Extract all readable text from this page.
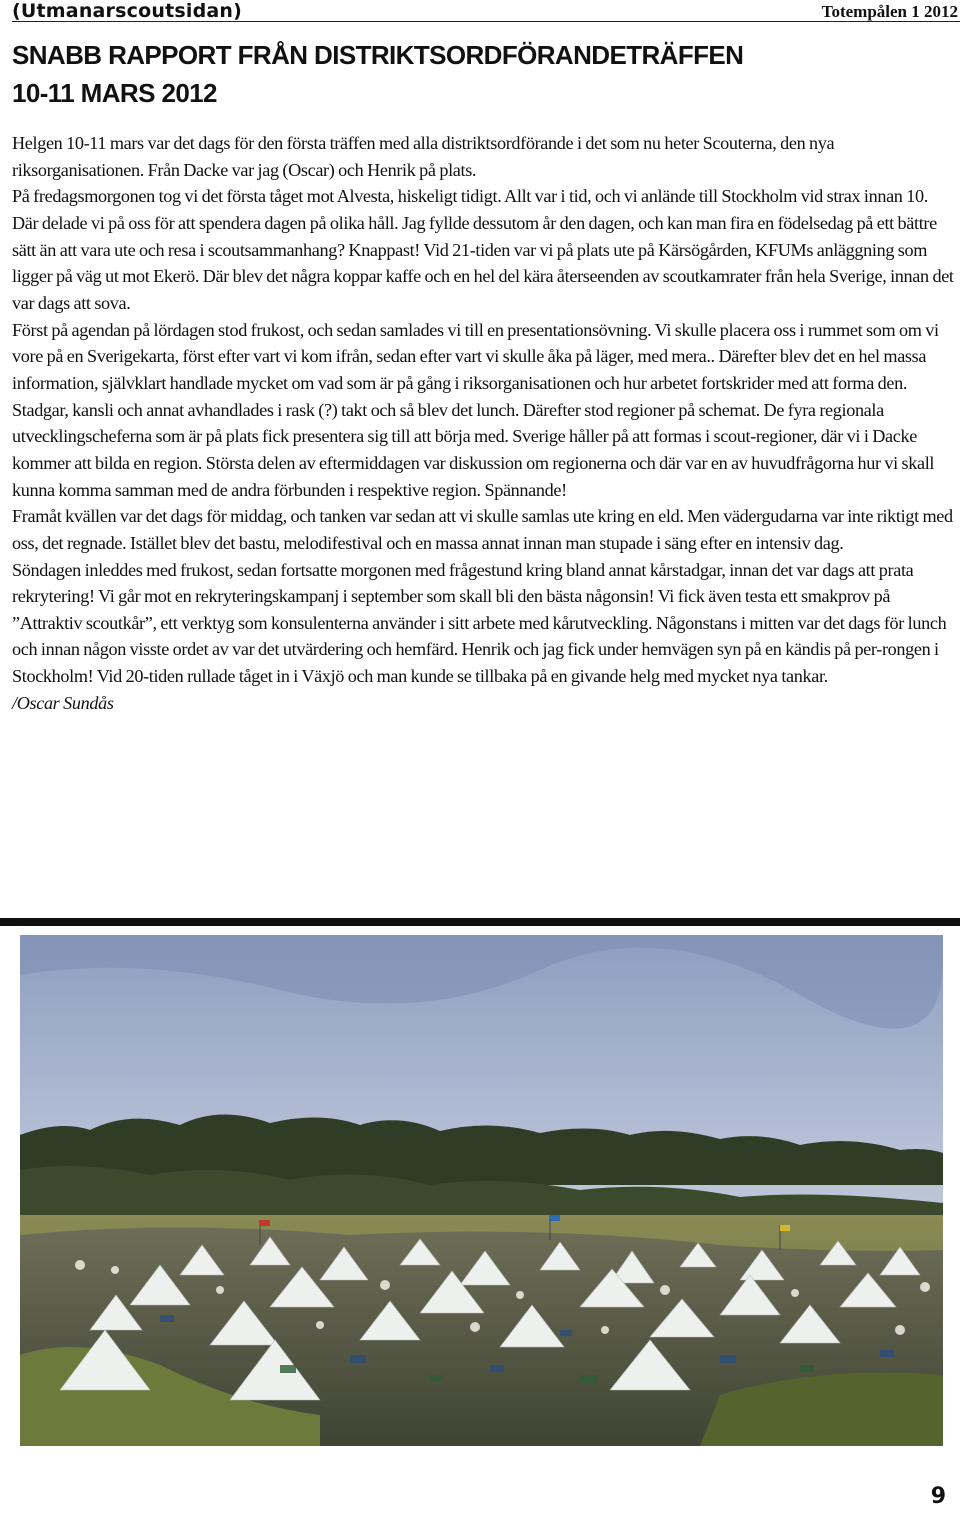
(Utmanarscoutsidan)	Totempålen 1 2012
SNABB RAPPORT FRÅN DISTRIKTSORDFÖRANDETRÄFFEN
10-11 MARS 2012

Helgen 10-11 mars var det dags för den första träffen med alla distriktsordförande i det som nu heter Scouterna, den nya riksorganisationen. Från Dacke var jag (Oscar) och Henrik på plats.

På fredagsmorgonen tog vi det första tåget mot Alvesta, hiskeligt tidigt. Allt var i tid, och vi anlände till Stockholm vid strax innan 10. Där delade vi på oss för att spendera dagen på olika håll. Jag fyllde dessutom år den dagen, och kan man fira en födelsedag på ett bättre sätt än att vara ute och resa i scoutsammanhang? Knappast! Vid 21-tiden var vi på plats ute på Kärsögården, KFUMs anläggning som ligger på väg ut mot Ekerö. Där blev det några koppar kaffe och en hel del kära återseenden av scoutkamrater från hela Sverige, innan det var dags att sova.

Först på agendan på lördagen stod frukost, och sedan samlades vi till en presentationsövning. Vi skulle placera oss i rummet som om vi vore på en Sverigekarta, först efter vart vi kom ifrån, sedan efter vart vi skulle åka på läger, med mera.. Därefter blev det en hel massa information, självklart handlade mycket om vad som är på gång i riksorganisationen och hur arbetet fortskrider med att forma den. Stadgar, kansli och annat avhandlades i rask (?) takt och så blev det lunch. Därefter stod regioner på schemat. De fyra regionala utvecklingscheferna som är på plats fick presentera sig till att börja med. Sverige håller på att formas i scout-regioner, där vi i Dacke kommer att bilda en region. Största delen av eftermiddagen var diskussion om regionerna och där var en av huvudfrågorna hur vi skall kunna komma samman med de andra förbunden i respektive region. Spännande!

Framåt kvällen var det dags för middag, och tanken var sedan att vi skulle samlas ute kring en eld. Men vädergudarna var inte riktigt med oss, det regnade. Istället blev det bastu, melodifestival och en massa annat innan man stupade i säng efter en intensiv dag.

Söndagen inleddes med frukost, sedan fortsatte morgonen med frågestund kring bland annat kårstadgar, innan det var dags att prata rekrytering! Vi går mot en rekryteringskampanj i september som skall bli den bästa någonsin! Vi fick även testa ett smakprov på ”Attraktiv scoutkår”, ett verktyg som konsulenterna använder i sitt arbete med kårutveckling. Någonstans i mitten var det dags för lunch och innan någon visste ordet av var det utvärdering och hemfärd. Henrik och jag fick under hemvägen syn på en kändis på per-rongen i Stockholm! Vid 20-tiden rullade tåget in i Växjö och man kunde se tillbaka på en givande helg med mycket nya tankar.

/Oscar Sundås

9
